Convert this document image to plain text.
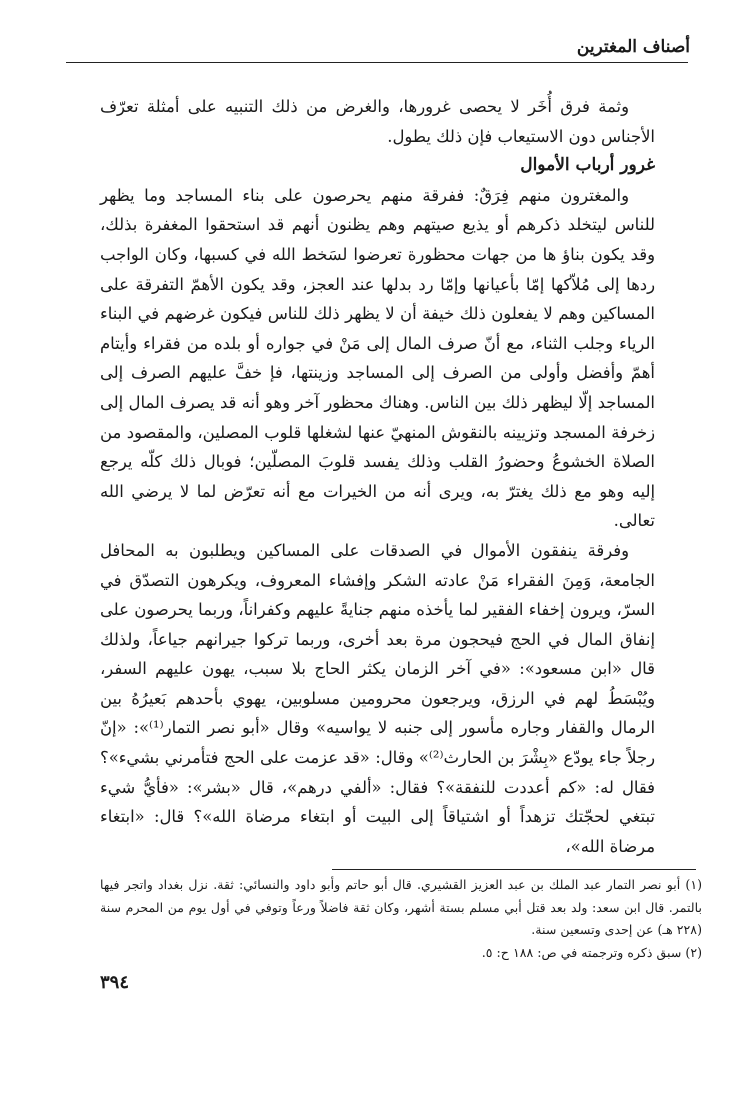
أصناف المغترين

وثمة فرق أُخَر لا يحصى غرورها، والغرض من ذلك التنبيه على أمثلة تعرّف الأجناس دون الاستيعاب فإن ذلك يطول.

غرور أرباب الأموال

والمغترون منهم فِرَقٌ: ففرقة منهم يحرصون على بناء المساجد وما يظهر للناس ليتخلد ذكرهم أو يذيع صيتهم وهم يظنون أنهم قد استحقوا المغفرة بذلك، وقد يكون بناؤ ها من جهات محظورة تعرضوا لسَخط الله في كسبها، وكان الواجب ردها إلى مُلاّكها إمّا بأعيانها وإمّا رد بدلها عند العجز، وقد يكون الأهمّ التفرقة على المساكين وهم لا يفعلون ذلك خيفة أن لا يظهر ذلك للناس فيكون غرضهم في البناء الرياء وجلب الثناء، مع أنّ صرف المال إلى مَنْ في جواره أو بلده من فقراء وأيتام أهمّ وأفضل وأولى من الصرف إلى المساجد وزينتها، فإ خفَّ عليهم الصرف إلى المساجد إلّا ليظهر ذلك بين الناس. وهناك محظور آخر وهو أنه قد يصرف المال إلى زخرفة المسجد وتزيينه بالنقوش المنهيّ عنها لشغلها قلوب المصلين، والمقصود من الصلاة الخشوعُ وحضورُ القلب وذلك يفسد قلوبَ المصلّين؛ فوبال ذلك كلّه يرجع إليه وهو مع ذلك يغترّ به، ويرى أنه من الخيرات مع أنه تعرّض لما لا يرضي الله تعالى.

وفرقة ينفقون الأموال في الصدقات على المساكين ويطلبون به المحافل الجامعة، وَمِنَ الفقراء مَنْ عادته الشكر وإفشاء المعروف، ويكرهون التصدّق في السرّ، ويرون إخفاء الفقير لما يأخذه منهم جنايةً عليهم وكفراناً، وربما يحرصون على إنفاق المال في الحج فيحجون مرة بعد أخرى، وربما تركوا جيرانهم جياعاً، ولذلك قال «ابن مسعود»: «في آخر الزمان يكثر الحاج بلا سبب، يهون عليهم السفر، ويُبْسَطُ لهم في الرزق، ويرجعون محرومين مسلوبين، يهوي بأحدهم بَعيرُهُ بين الرمال والقفار وجاره مأسور إلى جنبه لا يواسيه» وقال «أبو نصر التمار⁽¹⁾»: «إنّ رجلاً جاء يودّع «بِشْرَ بن الحارث⁽²⁾» وقال: «قد عزمت على الحج فتأمرني بشيء»؟ فقال له: «كم أعددت للنفقة»؟ فقال: «ألفي درهم»، قال «بشر»: «فأيُّ شيء تبتغي لحجّتك تزهداً أو اشتياقاً إلى البيت أو ابتغاء مرضاة الله»؟ قال: «ابتغاء مرضاة الله»،

(١) أبو نصر التمار عبد الملك بن عبد العزيز القشيري. قال أبو حاتم وأبو داود والنسائي: ثقة. نزل بغداد واتجر فيها بالتمر. قال ابن سعد: ولد بعد قتل أبي مسلم بستة أشهر، وكان ثقة فاضلاً ورعاً وتوفي في أول يوم من المحرم سنة (٢٢٨ هـ) عن إحدى وتسعين سنة.

(٢) سبق ذكره وترجمته في ص: ١٨٨ ح: ٥.

٣٩٤
